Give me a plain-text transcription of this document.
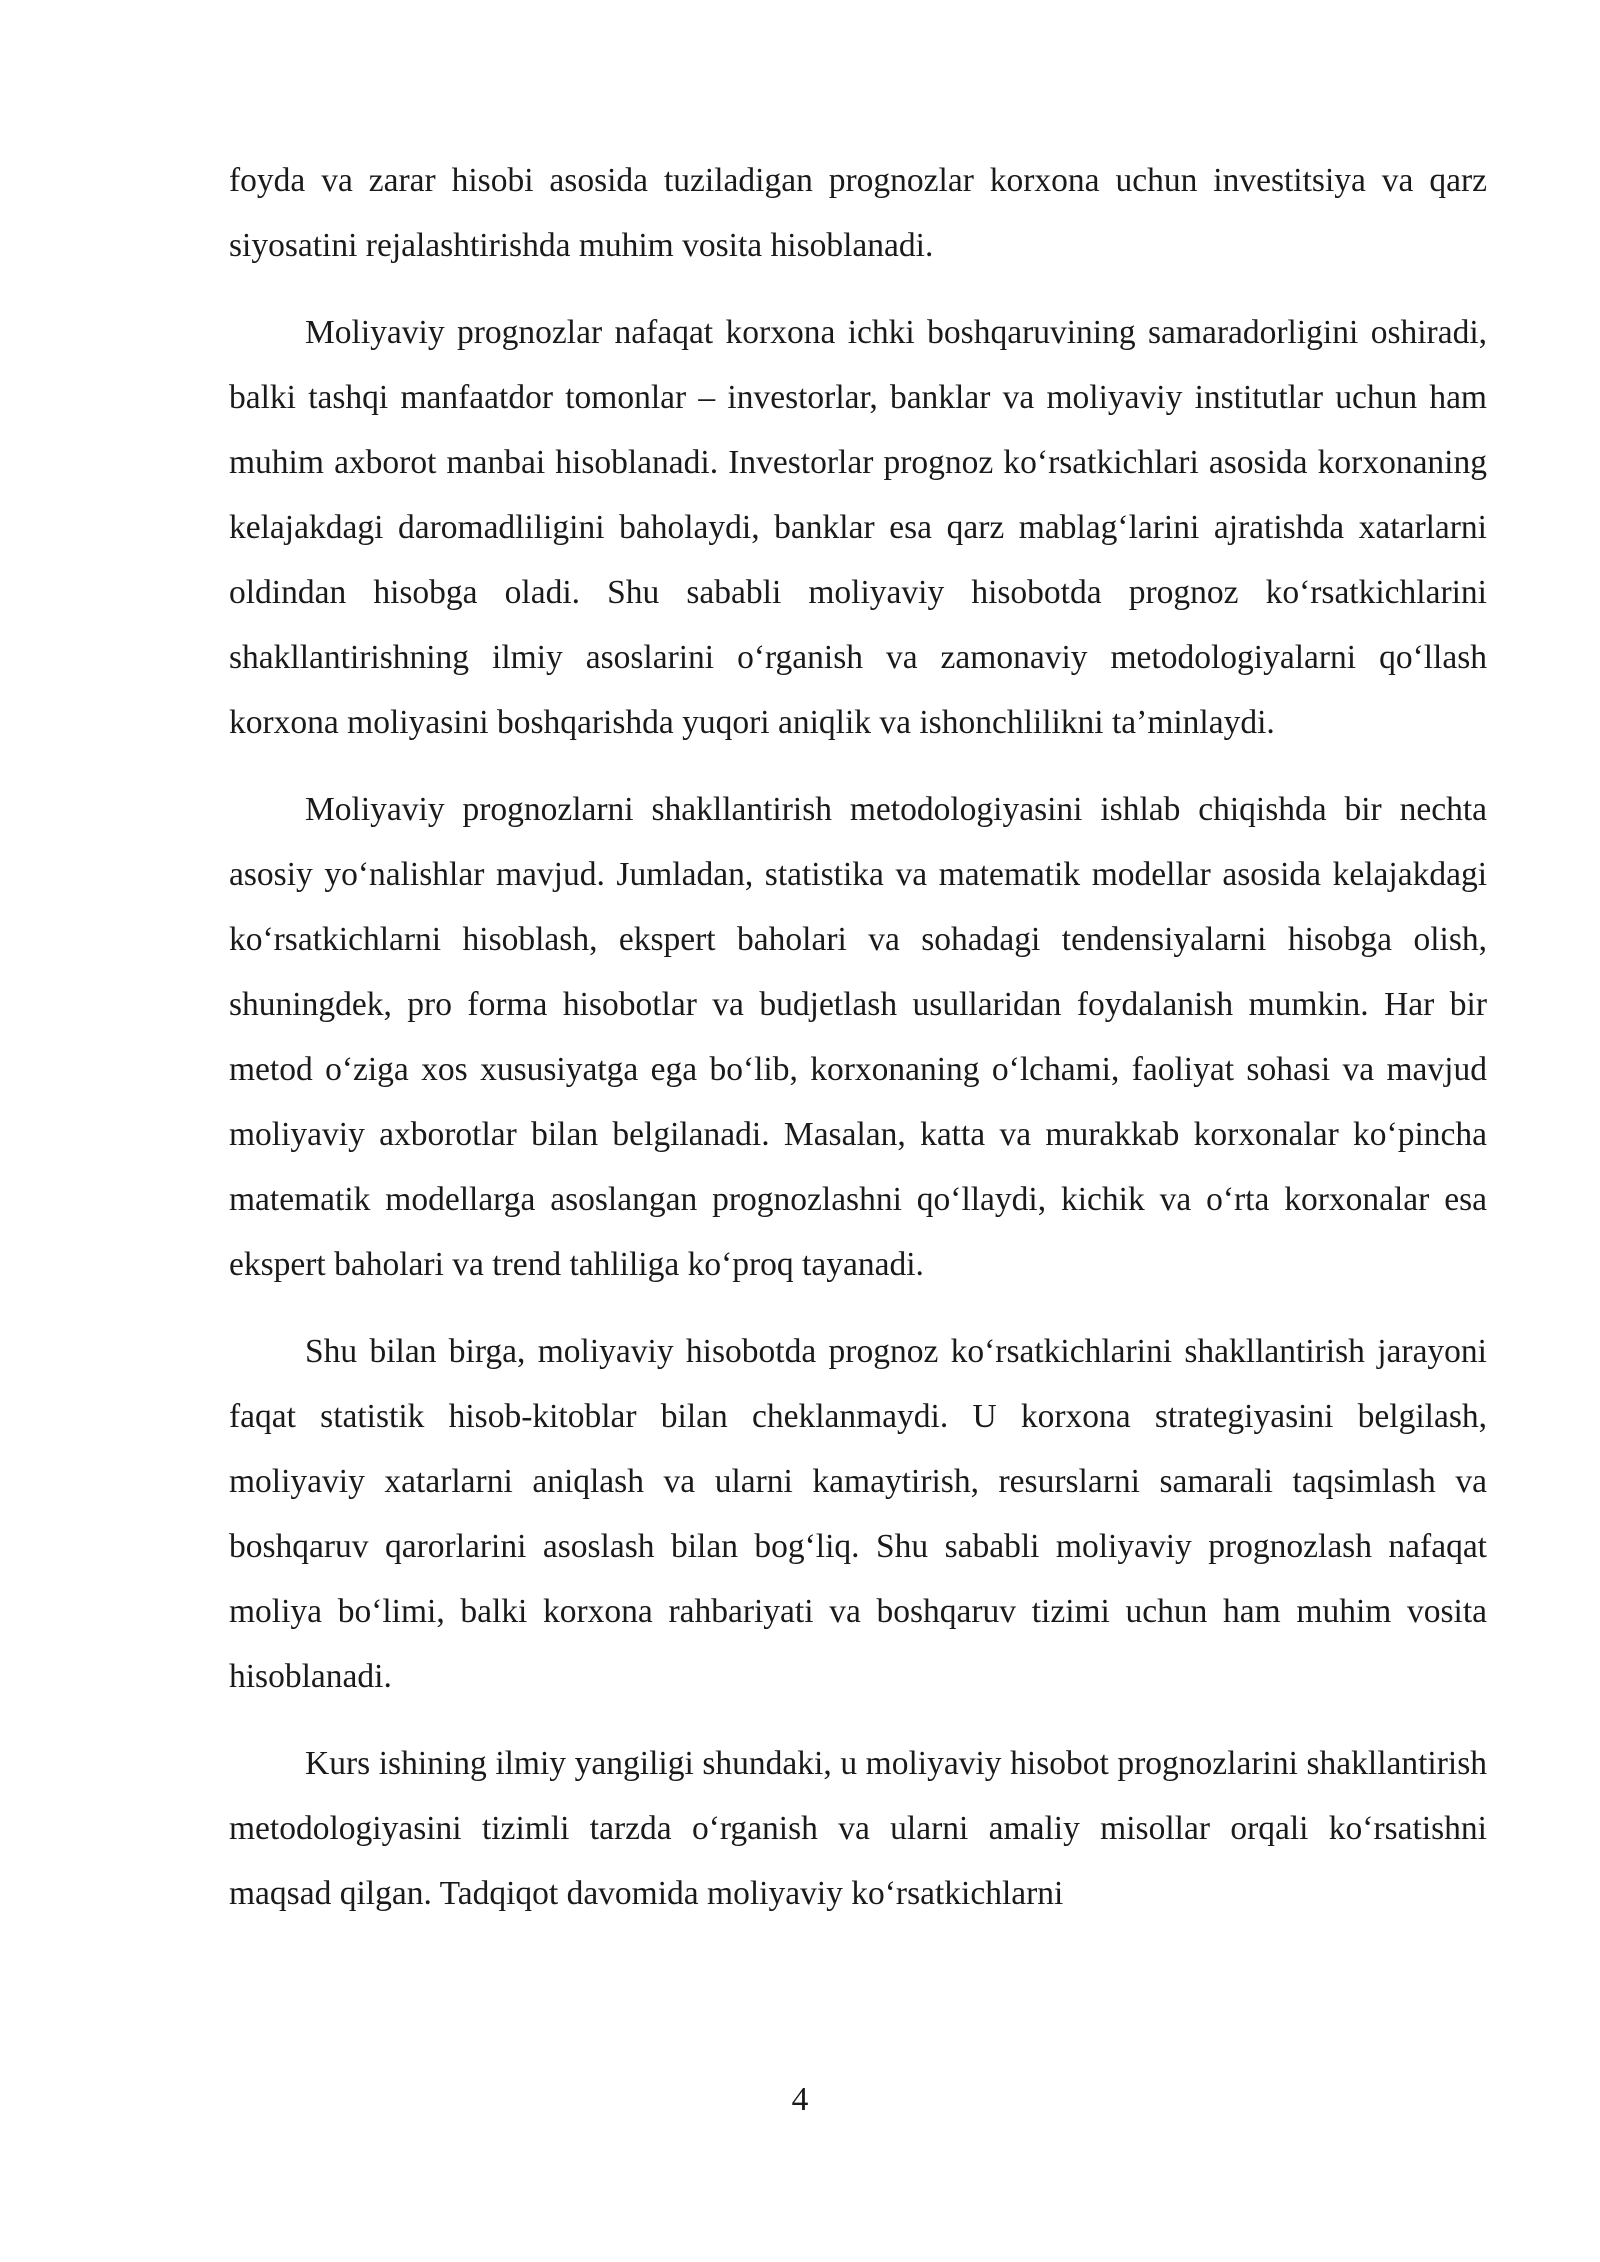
foyda va zarar hisobi asosida tuziladigan prognozlar korxona uchun investitsiya va qarz siyosatini rejalashtirishda muhim vosita hisoblanadi.

Moliyaviy prognozlar nafaqat korxona ichki boshqaruvining samaradorligini oshiradi, balki tashqi manfaatdor tomonlar – investorlar, banklar va moliyaviy institutlar uchun ham muhim axborot manbai hisoblanadi. Investorlar prognoz koʻrsatkichlari asosida korxonaning kelajakdagi daromadliligini baholaydi, banklar esa qarz mablagʻlarini ajratishda xatarlarni oldindan hisobga oladi. Shu sababli moliyaviy hisobotda prognoz koʻrsatkichlarini shakllantirishning ilmiy asoslarini oʻrganish va zamonaviy metodologiyalarni qoʻllash korxona moliyasini boshqarishda yuqori aniqlik va ishonchlilikni ta’minlaydi.

Moliyaviy prognozlarni shakllantirish metodologiyasini ishlab chiqishda bir nechta asosiy yoʻnalishlar mavjud. Jumladan, statistika va matematik modellar asosida kelajakdagi koʻrsatkichlarni hisoblash, ekspert baholari va sohadagi tendensiyalarni hisobga olish, shuningdek, pro forma hisobotlar va budjetlash usullaridan foydalanish mumkin. Har bir metod oʻziga xos xususiyatga ega boʻlib, korxonaning oʻlchami, faoliyat sohasi va mavjud moliyaviy axborotlar bilan belgilanadi. Masalan, katta va murakkab korxonalar koʻpincha matematik modellarga asoslangan prognozlashni qoʻllaydi, kichik va oʻrta korxonalar esa ekspert baholari va trend tahliliga koʻproq tayanadi.

Shu bilan birga, moliyaviy hisobotda prognoz koʻrsatkichlarini shakllantirish jarayoni faqat statistik hisob-kitoblar bilan cheklanmaydi. U korxona strategiyasini belgilash, moliyaviy xatarlarni aniqlash va ularni kamaytirish, resurslarni samarali taqsimlash va boshqaruv qarorlarini asoslash bilan bogʻliq. Shu sababli moliyaviy prognozlash nafaqat moliya boʻlimi, balki korxona rahbariyati va boshqaruv tizimi uchun ham muhim vosita hisoblanadi.

Kurs ishining ilmiy yangiligi shundaki, u moliyaviy hisobot prognozlarini shakllantirish metodologiyasini tizimli tarzda oʻrganish va ularni amaliy misollar orqali koʻrsatishni maqsad qilgan. Tadqiqot davomida moliyaviy koʻrsatkichlarni

4
